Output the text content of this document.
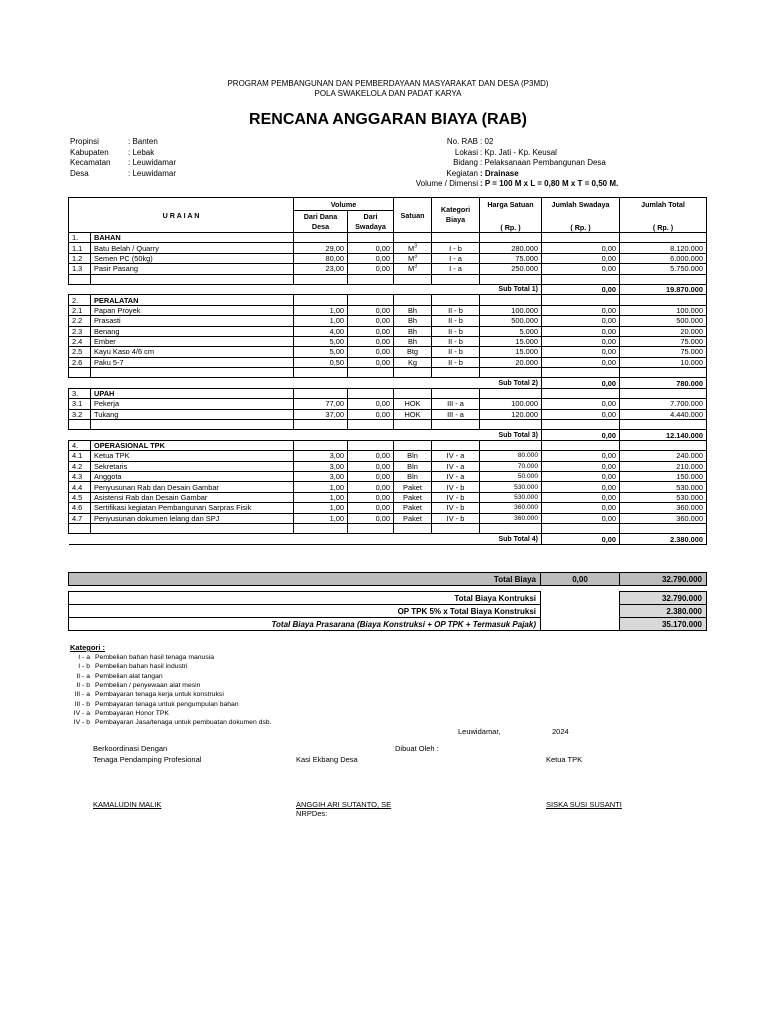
PROGRAM PEMBANGUNAN DAN PEMBERDAYAAN MASYARAKAT DAN DESA (P3MD)
POLA SWAKELOLA DAN PADAT KARYA
RENCANA ANGGARAN BIAYA (RAB)
Propinsi	: Banten
Kabupaten : Lebak
Kecamatan : Leuwidamar
Desa	: Leuwidamar
No. RAB : 02
Lokasi : Kp. Jati - Kp. Keusal
Bidang : Pelaksanaan Pembangunan Desa
Kegiatan : Drainase
Volume / Dimensi : P = 100 M x L = 0,80 M x T = 0,50 M.
U R A I A N		Volume		Satuan	Kategori Biaya	Harga Satuan	Jumlah Swadaya	Jumlah Total
		Dari Dana Desa	Dari Swadaya			( Rp. )	( Rp. )	( Rp. )
1.	BAHAN							
1.1	Batu Belah / Quarry	29,00	0,00	$M^3$	I - b	280.000	0,00	8.120.000
1.2	Semen PC (50kg)	80,00	0,00	$M^3$	I - a	75.000	0,00	6.000.000
1.3	Pasir Pasang	23,00	0,00	$M^3$	I - a	250.000	0,00	5.750.000

Sub Total 1)							0,00	19.870.000
2.	PERALATAN							
2.1	Papan Proyek	1,00	0,00	Bh	II - b	100.000	0,00	100.000
2.2	Prasasti	1,00	0,00	Bh	II - b	500.000	0,00	500.000
2.3	Benang	4,00	0,00	Bh	II - b	5.000	0,00	20.000
2.4	Ember	5,00	0,00	Bh	II - b	15.000	0,00	75.000
2.5	Kayu Kaso 4/6 cm	5,00	0,00	Btg	II - b	15.000	0,00	75.000
2.6	Paku 5-7	0,50	0,00	Kg	II - b	20.000	0,00	10.000

Sub Total 2)							0,00	780.000
3.	UPAH							
3.1	Pekerja	77,00	0,00	HOK	III - a	100.000	0,00	7.700.000
3.2	Tukang	37,00	0,00	HOK	III - a	120.000	0,00	4.440.000

Sub Total 3)							0,00	12.140.000
4.	OPERASIONAL TPK							
4.1	Ketua TPK	3,00	0,00	Bln	IV - a	80.000	0,00	240.000
4.2	Sekretaris	3,00	0,00	Bln	IV - a	70.000	0,00	210.000
4.3	Anggota	3,00	0,00	Bln	IV - a	50.000	0,00	150.000
4.4	Penyusunan Rab dan Desain Gambar	1,00	0,00	Paket	IV - b	530.000	0,00	530.000
4.5	Asistensi Rab dan Desain Gambar	1,00	0,00	Paket	IV - b	530.000	0,00	530.000
4.6	Sertifikasi kegiatan Pembangunan Sarpras Fisik	1,00	0,00	Paket	IV - b	360.000	0,00	360.000
4.7	Penyusunan dokumen lelang dan SPJ	1,00	0,00	Paket	IV - b	360.000	0,00	360.000

Sub Total 4)							0,00	2.380.000
Total Biaya	0,00	32.790.000
Total Biaya Kontruksi		32.790.000
OP TPK 5% x Total Biaya Konstruksi		2.380.000
Total Biaya Prasarana (Biaya Konstruksi + OP TPK + Termasuk Pajak)		35.170.000
Kategori :
I - a Pembelian bahan hasil tenaga manusia
I - b Pembelian bahan hasil industri
II - a Pembelian alat tangan
II - b Pembelian / penyewaan alat mesin
III - a Pembayaran tenaga kerja untuk konstruksi
III - b Pembayaran tenaga untuk pengumpulan bahan
IV - a Pembayaran Honor TPK
IV - b Pembayaran Jasa/tenaga untuk pembuatan dokumen dsb.
Leuwidamar,	2024
Berkoordinasi Dengan	Dibuat Oleh :
Tenaga Pendamping Profesional	Kasi Ekbang Desa	Ketua TPK
KAMALUDIN MALIK	ANGGIH ARI SUTANTO, SE	SISKA SUSI SUSANTI
NRPDes:
